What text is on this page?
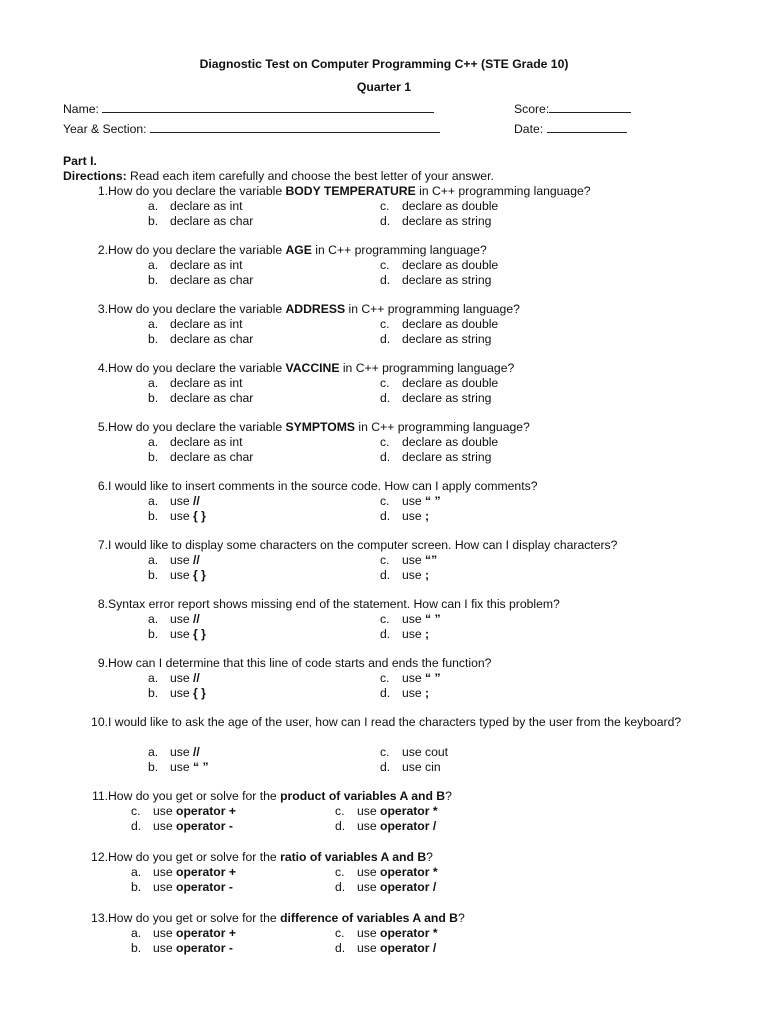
Diagnostic Test on Computer Programming C++ (STE Grade 10)
Quarter 1
Name:	Score:
Year & Section:	Date:
Part I.
Directions: Read each item carefully and choose the best letter of your answer.
1. How do you declare the variable BODY TEMPERATURE in C++ programming language?
a. declare as int	c. declare as double
b. declare as char	d. declare as string
2. How do you declare the variable AGE in C++ programming language?
a. declare as int	c. declare as double
b. declare as char	d. declare as string
3. How do you declare the variable ADDRESS in C++ programming language?
a. declare as int	c. declare as double
b. declare as char	d. declare as string
4. How do you declare the variable VACCINE in C++ programming language?
a. declare as int	c. declare as double
b. declare as char	d. declare as string
5. How do you declare the variable SYMPTOMS in C++ programming language?
a. declare as int	c. declare as double
b. declare as char	d. declare as string
6. I would like to insert comments in the source code. How can I apply comments?
a. use //	c. use “ ”
b. use { }	d. use ;
7. I would like to display some characters on the computer screen. How can I display characters?
a. use //	c. use “”
b. use { }	d. use ;
8. Syntax error report shows missing end of the statement. How can I fix this problem?
a. use //	c. use “ ”
b. use { }	d. use ;
9. How can I determine that this line of code starts and ends the function?
a. use //	c. use “ ”
b. use { }	d. use ;
10. I would like to ask the age of the user, how can I read the characters typed by the user from the keyboard?
a. use //	c. use cout
b. use “ ”	d. use cin
11. How do you get or solve for the product of variables A and B?
c. use operator +	c. use operator *
d. use operator -	d. use operator /
12. How do you get or solve for the ratio of variables A and B?
a. use operator +	c. use operator *
b. use operator -	d. use operator /
13. How do you get or solve for the difference of variables A and B?
a. use operator +	c. use operator *
b. use operator -	d. use operator /
